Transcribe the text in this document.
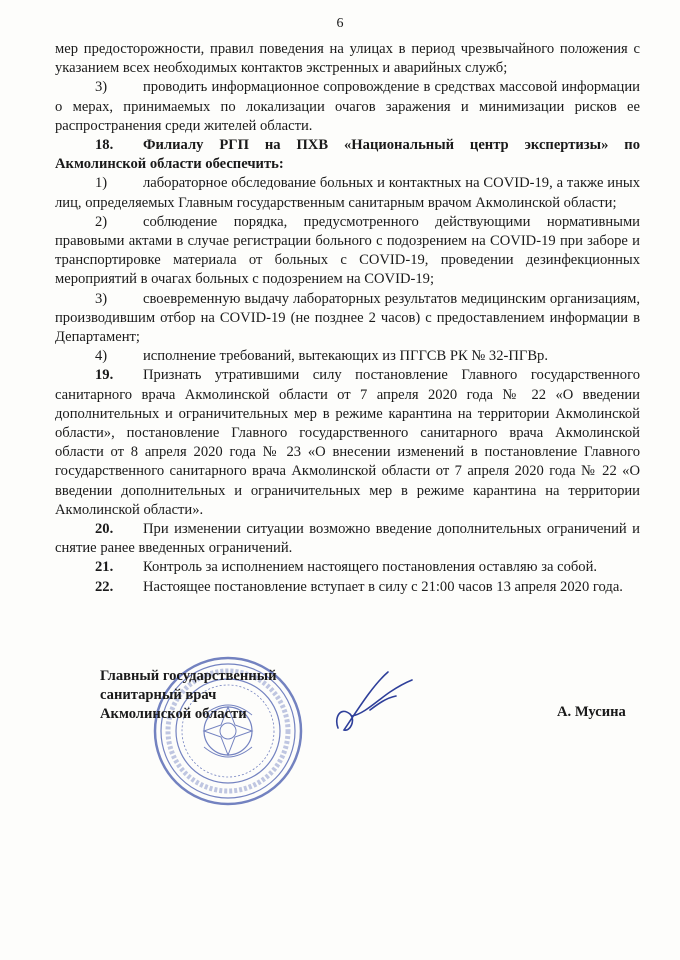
6

мер предосторожности, правил поведения на улицах в период чрезвычайного положения с указанием всех необходимых контактов экстренных и аварийных служб;

3) проводить информационное сопровождение в средствах массовой информации о мерах, принимаемых по локализации очагов заражения и минимизации рисков ее распространения среди жителей области.

18. Филиалу РГП на ПХВ «Национальный центр экспертизы» по Акмолинской области обеспечить:

1) лабораторное обследование больных и контактных на COVID-19, а также иных лиц, определяемых Главным государственным санитарным врачом Акмолинской области;

2) соблюдение порядка, предусмотренного действующими нормативными правовыми актами в случае регистрации больного с подозрением на COVID-19 при заборе и транспортировке материала от больных с COVID-19, проведении дезинфекционных мероприятий в очагах больных с подозрением на COVID-19;

3) своевременную выдачу лабораторных результатов медицинским организациям, производившим отбор на COVID-19 (не позднее 2 часов) с предоставлением информации в Департамент;

4) исполнение требований, вытекающих из ПГГСВ РК № 32-ПГВр.

19. Признать утратившими силу постановление Главного государственного санитарного врача Акмолинской области от 7 апреля 2020 года № 22 «О введении дополнительных и ограничительных мер в режиме карантина на территории Акмолинской области», постановление Главного государственного санитарного врача Акмолинской области от 8 апреля 2020 года № 23 «О внесении изменений в постановление Главного государственного санитарного врача Акмолинской области от 7 апреля 2020 года № 22 «О введении дополнительных и ограничительных мер в режиме карантина на территории Акмолинской области».

20. При изменении ситуации возможно введение дополнительных ограничений и снятие ранее введенных ограничений.

21. Контроль за исполнением настоящего постановления оставляю за собой.

22. Настоящее постановление вступает в силу с 21:00 часов 13 апреля 2020 года.

Главный государственный
санитарный врач
Акмолинской области	А. Мусина
